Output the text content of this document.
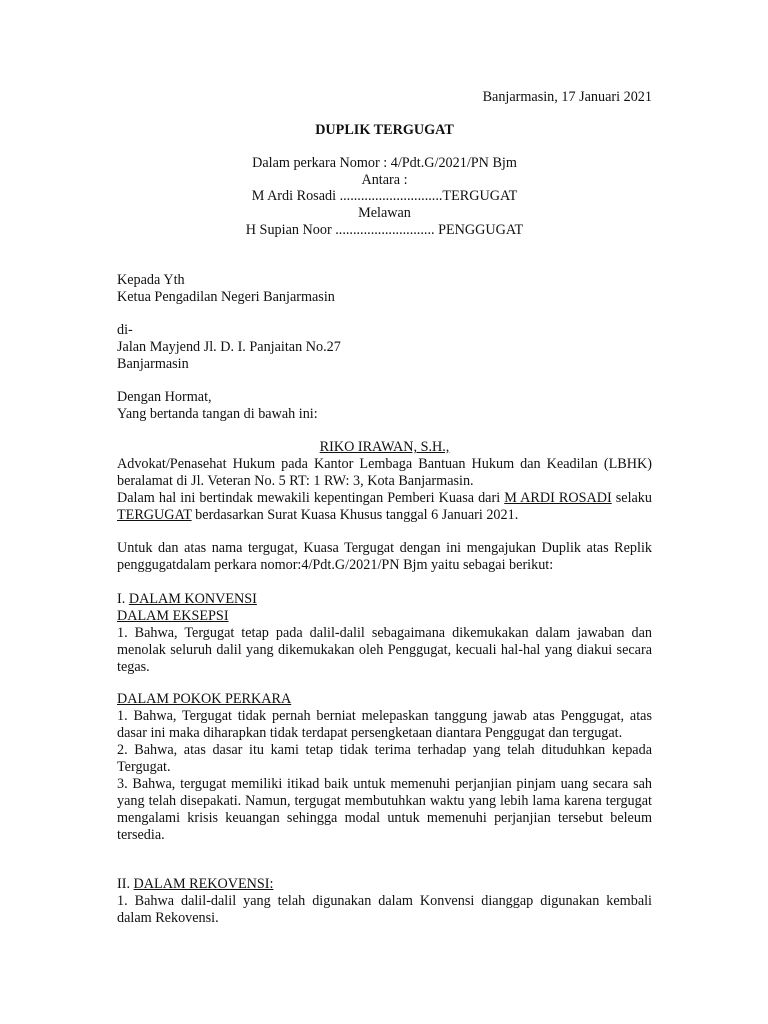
Banjarmasin, 17 Januari 2021
DUPLIK TERGUGAT
Dalam perkara Nomor : 4/Pdt.G/2021/PN Bjm
Antara :
M Ardi Rosadi .............................TERGUGAT
Melawan
H Supian Noor ............................ PENGGUGAT
Kepada Yth
Ketua Pengadilan Negeri Banjarmasin
di-
Jalan Mayjend Jl. D. I. Panjaitan No.27
Banjarmasin
Dengan Hormat,
Yang bertanda tangan di bawah ini:
RIKO IRAWAN, S.H.,

Advokat/Penasehat Hukum pada Kantor Lembaga Bantuan Hukum dan Keadilan (LBHK) beralamat di Jl. Veteran No. 5 RT: 1 RW: 3, Kota Banjarmasin.

Dalam hal ini bertindak mewakili kepentingan Pemberi Kuasa dari M ARDI ROSADI selaku TERGUGAT berdasarkan Surat Kuasa Khusus tanggal 6 Januari 2021.

Untuk dan atas nama tergugat, Kuasa Tergugat dengan ini mengajukan Duplik atas Replik penggugatdalam perkara nomor:4/Pdt.G/2021/PN Bjm yaitu sebagai berikut:
I. DALAM KONVENSI
DALAM EKSEPSI
1. Bahwa, Tergugat tetap pada dalil-dalil sebagaimana dikemukakan dalam jawaban dan menolak seluruh dalil yang dikemukakan oleh Penggugat, kecuali hal-hal yang diakui secara tegas.
DALAM POKOK PERKARA

1. Bahwa, Tergugat tidak pernah berniat melepaskan tanggung jawab atas Penggugat, atas dasar ini maka diharapkan tidak terdapat persengketaan diantara Penggugat dan tergugat.

2. Bahwa, atas dasar itu kami tetap tidak terima terhadap yang telah dituduhkan kepada Tergugat.

3. Bahwa, tergugat memiliki itikad baik untuk memenuhi perjanjian pinjam uang secara sah yang telah disepakati. Namun, tergugat membutuhkan waktu yang lebih lama karena tergugat mengalami krisis keuangan sehingga modal untuk memenuhi perjanjian tersebut beleum tersedia.

II. DALAM REKOVENSI:
1. Bahwa dalil-dalil yang telah digunakan dalam Konvensi dianggap digunakan kembali dalam Rekovensi.
